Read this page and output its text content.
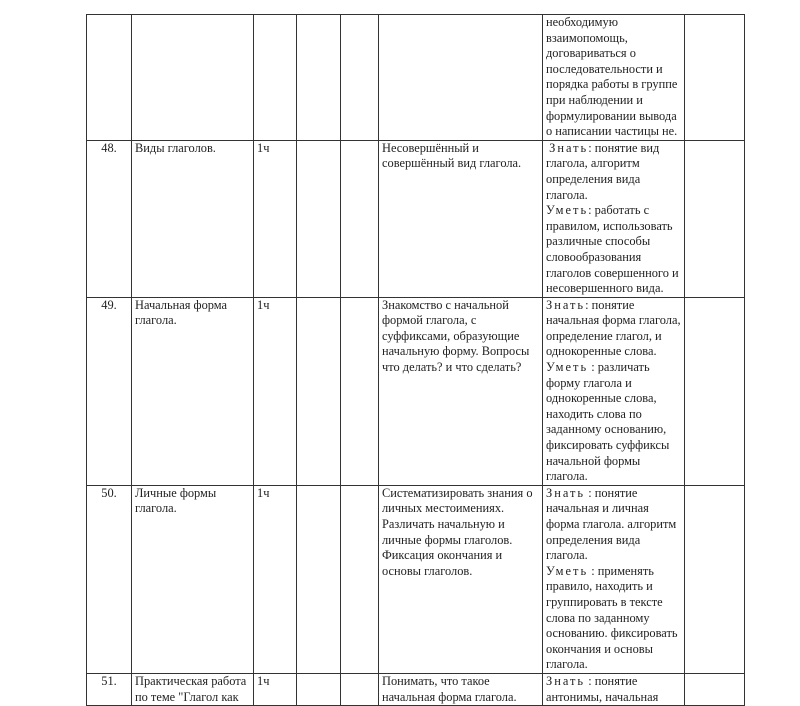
						необходимую взаимопомощь, договариваться о последовательности и порядка работы в группе при наблюдении и формулировании вывода о написании частицы не.	
48.	Виды глаголов.	1ч			Несовершённый и совершённый вид глагола.	Знать: понятие вид глагола, алгоритм определения вида глагола.
Уметь: работать с правилом, использовать различные способы словообразования глаголов совершенного и несовершенного вида.	
49.	Начальная форма глагола.	1ч			Знакомство с начальной формой глагола, с суффиксами, образующие начальную форму. Вопросы что делать? и что сделать?	Знать: понятие начальная форма глагола, определение глагол, и однокоренные слова.
Уметь : различать форму глагола и однокоренные слова, находить слова по заданному основанию, фиксировать суффиксы начальной формы глагола.	
50.	Личные формы глагола.	1ч			Систематизировать знания о личных местоимениях. Различать начальную и личные формы глаголов. Фиксация окончания и основы глаголов.	Знать : понятие начальная и личная форма глагола. алгоритм определения вида глагола.
Уметь : применять правило, находить и группировать в тексте слова по заданному основанию. фиксировать окончания и основы глагола.	
51.	Практическая работа по теме "Глагол как	1ч			Понимать, что такое начальная форма глагола.	Знать : понятие антонимы, начальная	
